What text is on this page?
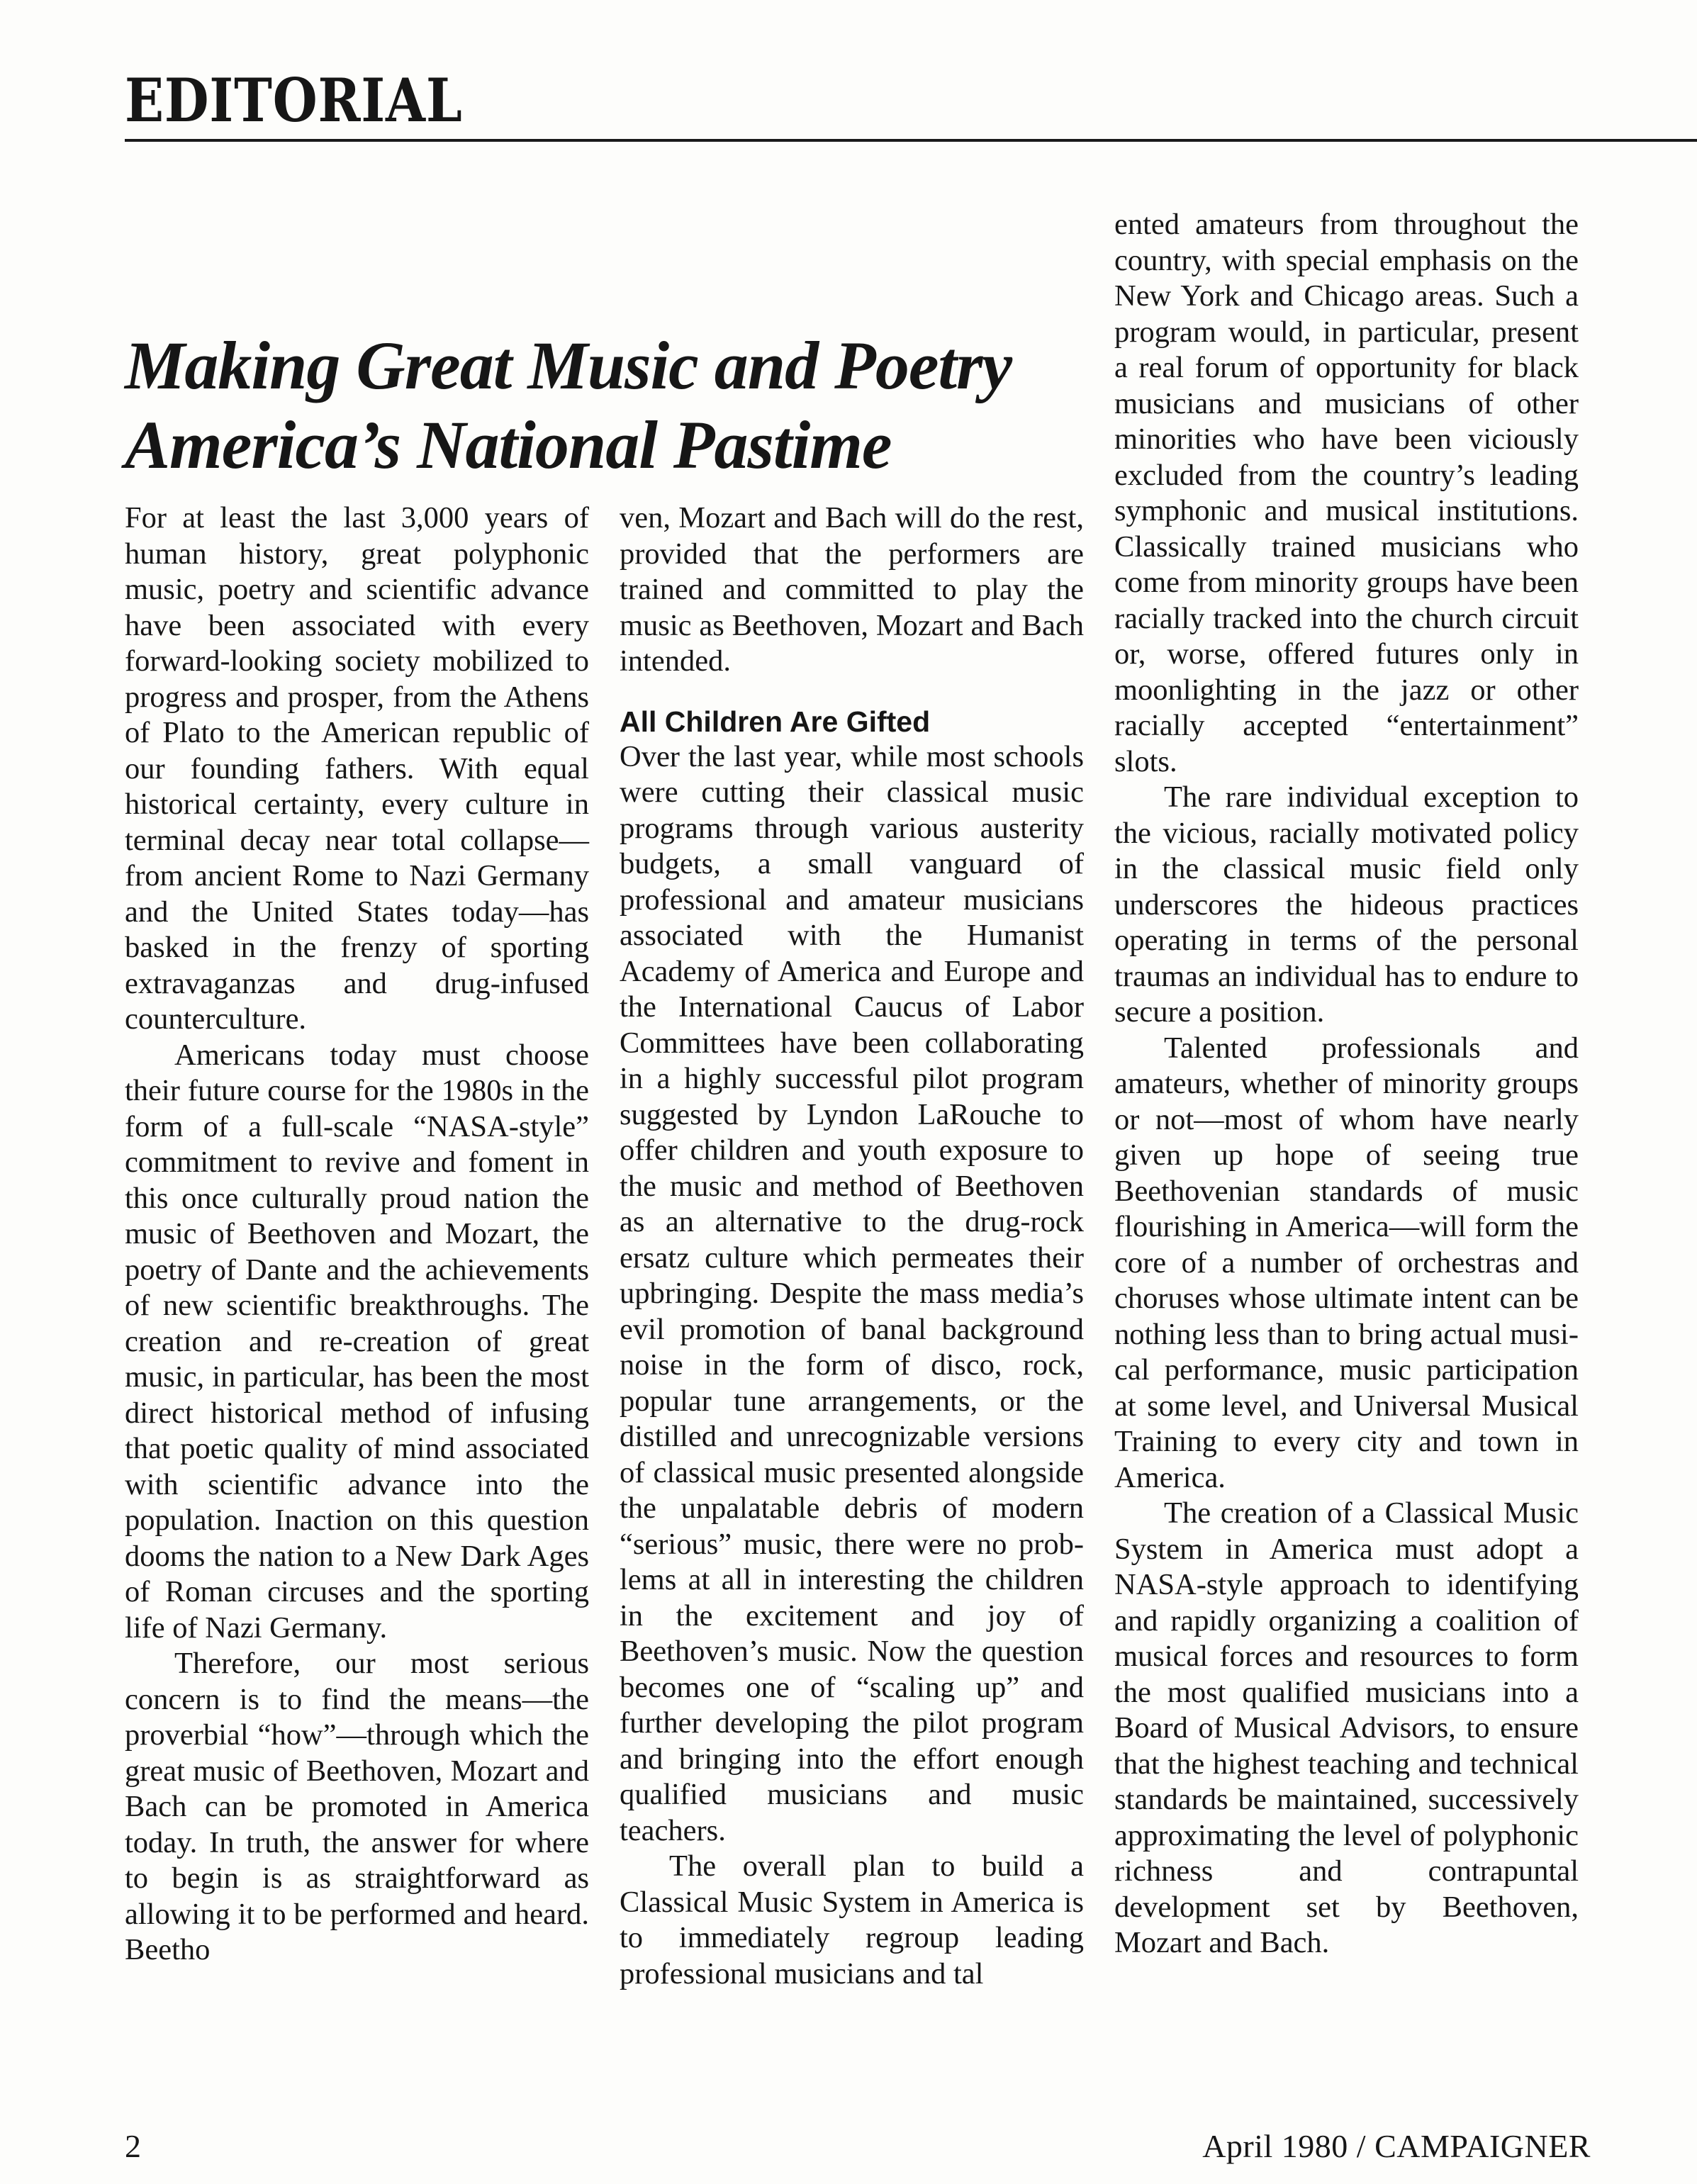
EDITORIAL
Making Great Music and Poetry
America’s National Pastime

For at least the last 3,000 years of human history, great polyphonic music, poetry and scientific advance have been associated with every forward-looking society mobilized to progress and prosper, from the Athens of Plato to the American republic of our founding fathers. With equal historical certainty, every culture in terminal decay near total collapse—from ancient Rome to Nazi Germany and the United States today—has basked in the frenzy of sporting extravaganzas and drug-infused counterculture.

Americans today must choose their future course for the 1980s in the form of a full-scale “NASA-style” commitment to revive and foment in this once culturally proud nation the music of Beethoven and Mozart, the poetry of Dante and the achievements of new scientific breakthroughs. The creation and re-creation of great music, in particular, has been the most direct historical method of infusing that poetic quality of mind associated with scientific advance into the population. Inaction on this question dooms the nation to a New Dark Ages of Roman circuses and the sporting life of Nazi Germany.

Therefore, our most serious concern is to find the means—the proverbial “how”—through which the great music of Beethoven, Mozart and Bach can be promoted in America today. In truth, the answer for where to begin is as straightforward as allowing it to be performed and heard. Beetho

ven, Mozart and Bach will do the rest, provided that the performers are trained and committed to play the music as Beethoven, Mozart and Bach intended.

All Children Are Gifted

Over the last year, while most schools were cutting their classical music programs through various austerity budgets, a small vanguard of professional and amateur musicians associated with the Humanist Academy of America and Europe and the International Caucus of Labor Committees have been collaborating in a highly successful pilot program suggested by Lyndon LaRouche to offer children and youth exposure to the music and method of Beethoven as an alternative to the drug-rock ersatz culture which permeates their upbringing. Despite the mass media’s evil promotion of banal background noise in the form of disco, rock, popular tune arrangements, or the distilled and unrecognizable versions of classical music presented alongside the unpalatable debris of modern “serious” music, there were no problems at all in interesting the children in the excitement and joy of Beethoven’s music. Now the question becomes one of “scaling up” and further developing the pilot program and bringing into the effort enough qualified musicians and music teachers.

The overall plan to build a Classical Music System in America is to immediately regroup leading professional musicians and tal

ented amateurs from throughout the country, with special emphasis on the New York and Chicago areas. Such a program would, in particular, present a real forum of opportunity for black musicians and musicians of other minorities who have been viciously excluded from the country’s leading symphonic and musical institutions. Classically trained musicians who come from minority groups have been racially tracked into the church circuit or, worse, offered futures only in moonlighting in the jazz or other racially accepted “entertainment” slots.

The rare individual exception to the vicious, racially motivated policy in the classical music field only underscores the hideous practices operating in terms of the personal traumas an individual has to endure to secure a position.

Talented professionals and amateurs, whether of minority groups or not—most of whom have nearly given up hope of seeing true Beethovenian standards of music flourishing in America—will form the core of a number of orchestras and choruses whose ultimate intent can be nothing less than to bring actual musical performance, music participation at some level, and Universal Musical Training to every city and town in America.

The creation of a Classical Music System in America must adopt a NASA-style approach to identifying and rapidly organizing a coalition of musical forces and resources to form the most qualified musicians into a Board of Musical Advisors, to ensure that the highest teaching and technical standards be maintained, successively approximating the level of polyphonic richness and contrapuntal development set by Beethoven, Mozart and Bach.

2	April 1980 / CAMPAIGNER
